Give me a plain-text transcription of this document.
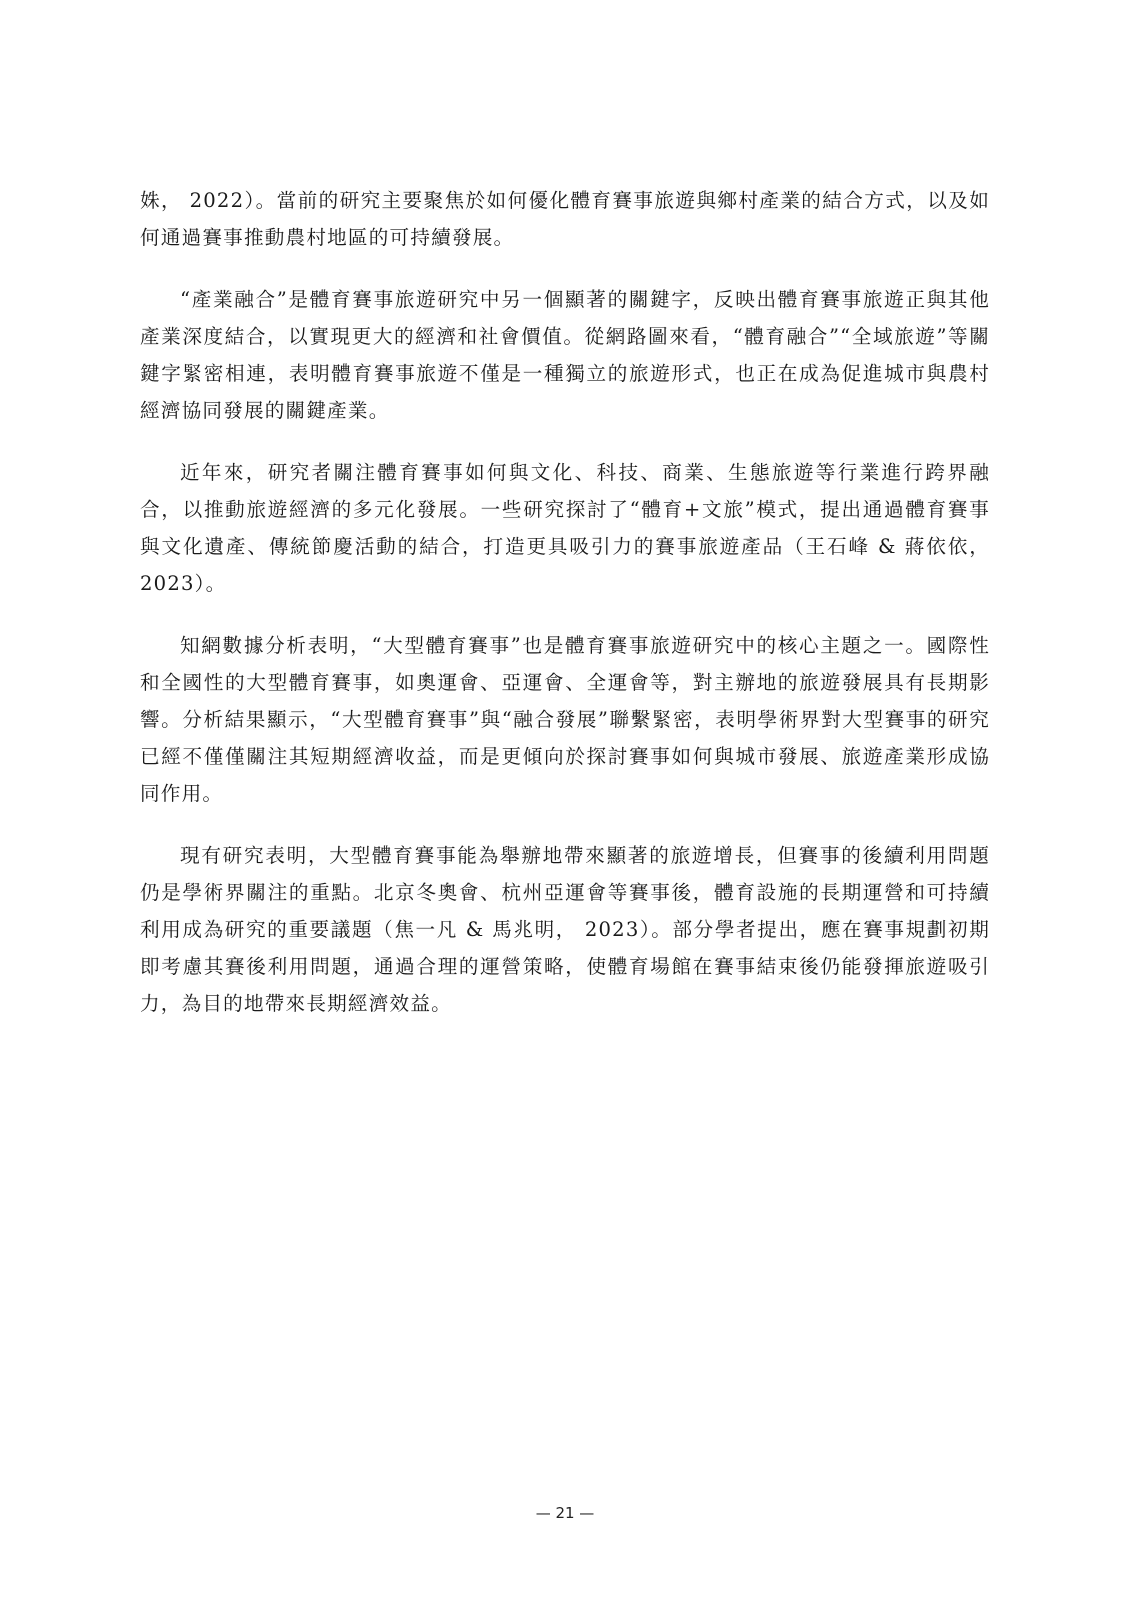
姝， 2022）。當前的研究主要聚焦於如何優化體育賽事旅遊與鄉村產業的結合方式，以及如何通過賽事推動農村地區的可持續發展。

“產業融合”是體育賽事旅遊研究中另一個顯著的關鍵字，反映出體育賽事旅遊正與其他產業深度結合，以實現更大的經濟和社會價值。從網路圖來看，“體育融合”“全域旅遊”等關鍵字緊密相連，表明體育賽事旅遊不僅是一種獨立的旅遊形式，也正在成為促進城市與農村經濟協同發展的關鍵產業。

近年來，研究者關注體育賽事如何與文化、科技、商業、生態旅遊等行業進行跨界融合，以推動旅遊經濟的多元化發展。一些研究探討了“體育+文旅”模式，提出通過體育賽事與文化遺產、傳統節慶活動的結合，打造更具吸引力的賽事旅遊產品（王石峰 & 蔣依依， 2023）。

知網數據分析表明，“大型體育賽事”也是體育賽事旅遊研究中的核心主題之一。國際性和全國性的大型體育賽事，如奧運會、亞運會、全運會等，對主辦地的旅遊發展具有長期影響。分析結果顯示，“大型體育賽事”與“融合發展”聯繫緊密，表明學術界對大型賽事的研究已經不僅僅關注其短期經濟收益，而是更傾向於探討賽事如何與城市發展、旅遊產業形成協同作用。

現有研究表明，大型體育賽事能為舉辦地帶來顯著的旅遊增長，但賽事的後續利用問題仍是學術界關注的重點。北京冬奧會、杭州亞運會等賽事後，體育設施的長期運營和可持續利用成為研究的重要議題（焦一凡 & 馬兆明， 2023）。部分學者提出，應在賽事規劃初期即考慮其賽後利用問題，通過合理的運營策略，使體育場館在賽事結束後仍能發揮旅遊吸引力，為目的地帶來長期經濟效益。

— 21 —
